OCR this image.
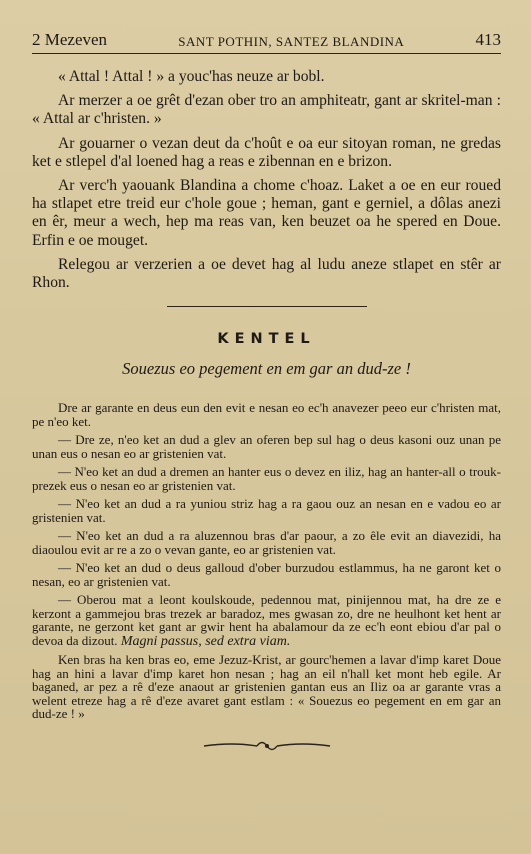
2 Mezeven	SANT POTHIN, SANTEZ BLANDINA	413

« Attal ! Attal ! » a youc'has neuze ar bobl.

Ar merzer a oe grêt d'ezan ober tro an amphiteatr, gant ar skritel-man : « Attal ar c'hristen. »

Ar gouarner o vezan deut da c'hoût e oa eur sitoyan roman, ne gredas ket e stlepel d'al loened hag a reas e zibennan en e brizon.

Ar verc'h yaouank Blandina a chome c'hoaz. Laket a oe en eur roued ha stlapet etre treid eur c'hole goue ; heman, gant e gerniel, a dôlas anezi en êr, meur a wech, hep ma reas van, ken beuzet oa he spered en Doue. Erfin e oe mouget.

Relegou ar verzerien a oe devet hag al ludu aneze stlapet en stêr ar Rhon.

KENTEL
Souezus eo pegement en em gar an dud-ze !

Dre ar garante en deus eun den evit e nesan eo ec'h anavezer peeo eur c'hristen mat, pe n'eo ket.

— Dre ze, n'eo ket an dud a glev an oferen bep sul hag o deus kasoni ouz unan pe unan eus o nesan eo ar gristenien vat.

— N'eo ket an dud a dremen an hanter eus o devez en iliz, hag an hanter-all o trouk-prezek eus o nesan eo ar gristenien vat.

— N'eo ket an dud a ra yuniou striz hag a ra gaou ouz an nesan en e vadou eo ar gristenien vat.

— N'eo ket an dud a ra aluzennou bras d'ar paour, a zo êle evit an diavezidi, ha diaoulou evit ar re a zo o vevan gante, eo ar gristenien vat.

— N'eo ket an dud o deus galloud d'ober burzudou estlammus, ha ne garont ket o nesan, eo ar gristenien vat.

— Oberou mat a leont koulskoude, pedennou mat, pinijennou mat, ha dre ze e kerzont a gammejou bras trezek ar baradoz, mes gwasan zo, dre ne heulhont ket hent ar garante, ne gerzont ket gant ar gwir hent ha abalamour da ze ec'h eont ebiou d'ar pal o devoa da dizout. Magni passus, sed extra viam.

Ken bras ha ken bras eo, eme Jezuz-Krist, ar gourc'hemen a lavar d'imp karet Doue hag an hini a lavar d'imp karet hon nesan ; hag an eil n'hall ket mont heb egile. Ar baganed, ar pez a rê d'eze anaout ar gristenien gantan eus an Iliz oa ar garante vras a welent etreze hag a rê d'eze avaret gant estlam : « Souezus eo pegement en em gar an dud-ze ! »
